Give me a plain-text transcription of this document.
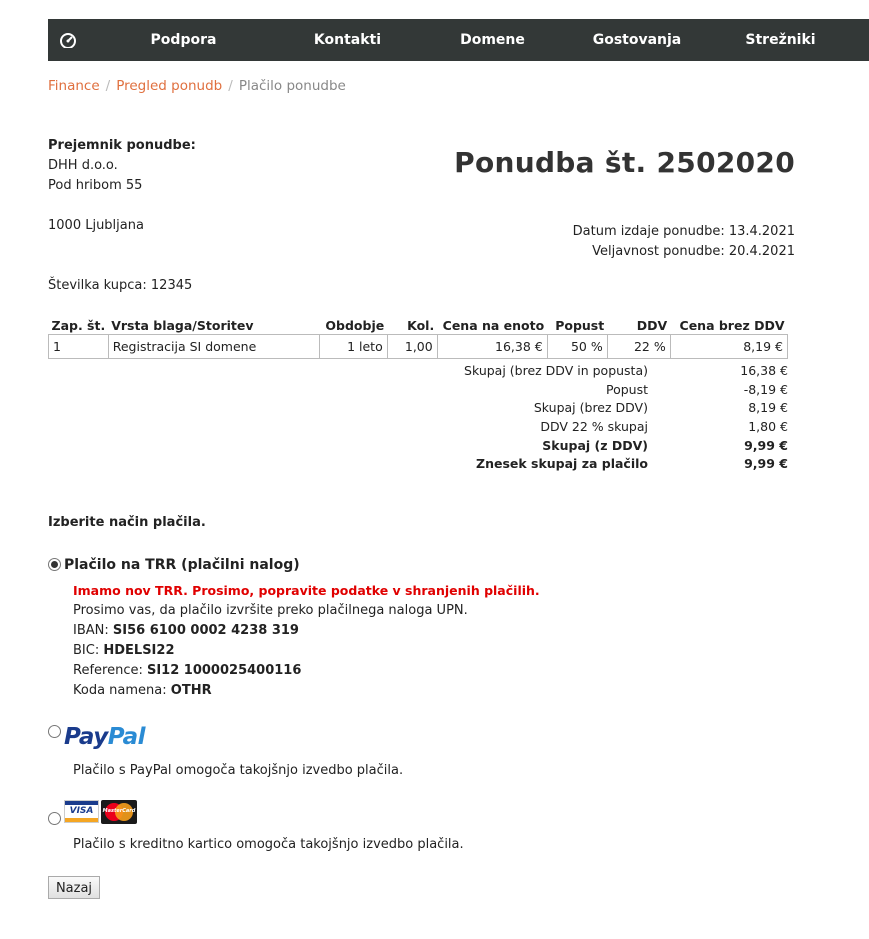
Podpora	Kontakti	Domene	Gostovanja	Strežniki
Finance / Pregled ponudb / Plačilo ponudbe
Prejemnik ponudbe:
DHH d.o.o.
Pod hribom 55
1000 Ljubljana
Številka kupca: 12345
Ponudba št. 2502020
Datum izdaje ponudbe: 13.4.2021
Veljavnost ponudbe: 20.4.2021
Zap. št.	Vrsta blaga/Storitev	Obdobje	Kol.	Cena na enoto	Popust	DDV	Cena brez DDV
1	Registracija SI domene	1 leto	1,00	16,38 €	50 %	22 %	8,19 €
Skupaj (brez DDV in popusta)	16,38 €
Popust	-8,19 €
Skupaj (brez DDV)	8,19 €
DDV 22 % skupaj	1,80 €
Skupaj (z DDV)	9,99 €
Znesek skupaj za plačilo	9,99 €
Izberite način plačila.
Plačilo na TRR (plačilni nalog)
Imamo nov TRR. Prosimo, popravite podatke v shranjenih plačilih.
Prosimo vas, da plačilo izvršite preko plačilnega naloga UPN.
IBAN: SI56 6100 0002 4238 319
BIC: HDELSI22
Reference: SI12 1000025400116
Koda namena: OTHR
PayPal
Plačilo s PayPal omogoča takojšnjo izvedbo plačila.
VISA	MasterCard
Plačilo s kreditno kartico omogoča takojšnjo izvedbo plačila.
Nazaj
